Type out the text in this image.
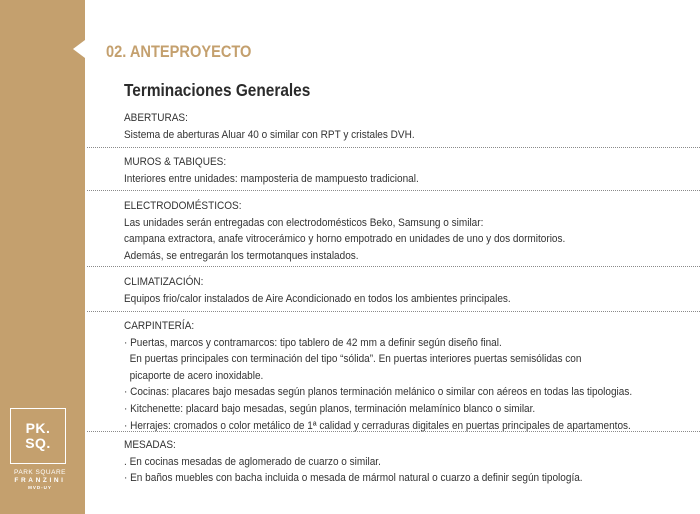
PK.
SQ.
PARK SQUARE
FRANZINI
MVD-UY
02. ANTEPROYECTO
Terminaciones Generales
ABERTURAS:
Sistema de aberturas Aluar 40 o similar con RPT y cristales DVH.
MUROS & TABIQUES:
Interiores entre unidades: mamposteria de mampuesto tradicional.
ELECTRODOMÉSTICOS:
Las unidades serán entregadas con electrodomésticos Beko, Samsung o similar:
campana extractora, anafe vitrocerámico y horno empotrado en unidades de uno y dos dormitorios.
Además, se entregarán los termotanques instalados.
CLIMATIZACIÓN:
Equipos frio/calor instalados de Aire Acondicionado en todos los ambientes principales.
CARPINTERÍA:
· Puertas, marcos y contramarcos: tipo tablero de 42 mm a definir según diseño final.
En puertas principales con terminación del tipo “sólida”. En puertas interiores puertas semisólidas con
picaporte de acero inoxidable.
· Cocinas: placares bajo mesadas según planos terminación melánico o similar con aéreos en todas las tipologias.
· Kitchenette: placard bajo mesadas, según planos, terminación melamínico blanco o similar.
· Herrajes: cromados o color metálico de 1ª calidad y cerraduras digitales en puertas principales de apartamentos.
MESADAS:
. En cocinas mesadas de aglomerado de cuarzo o similar.
· En baños muebles con bacha incluida o mesada de mármol natural o cuarzo a definir según tipología.
